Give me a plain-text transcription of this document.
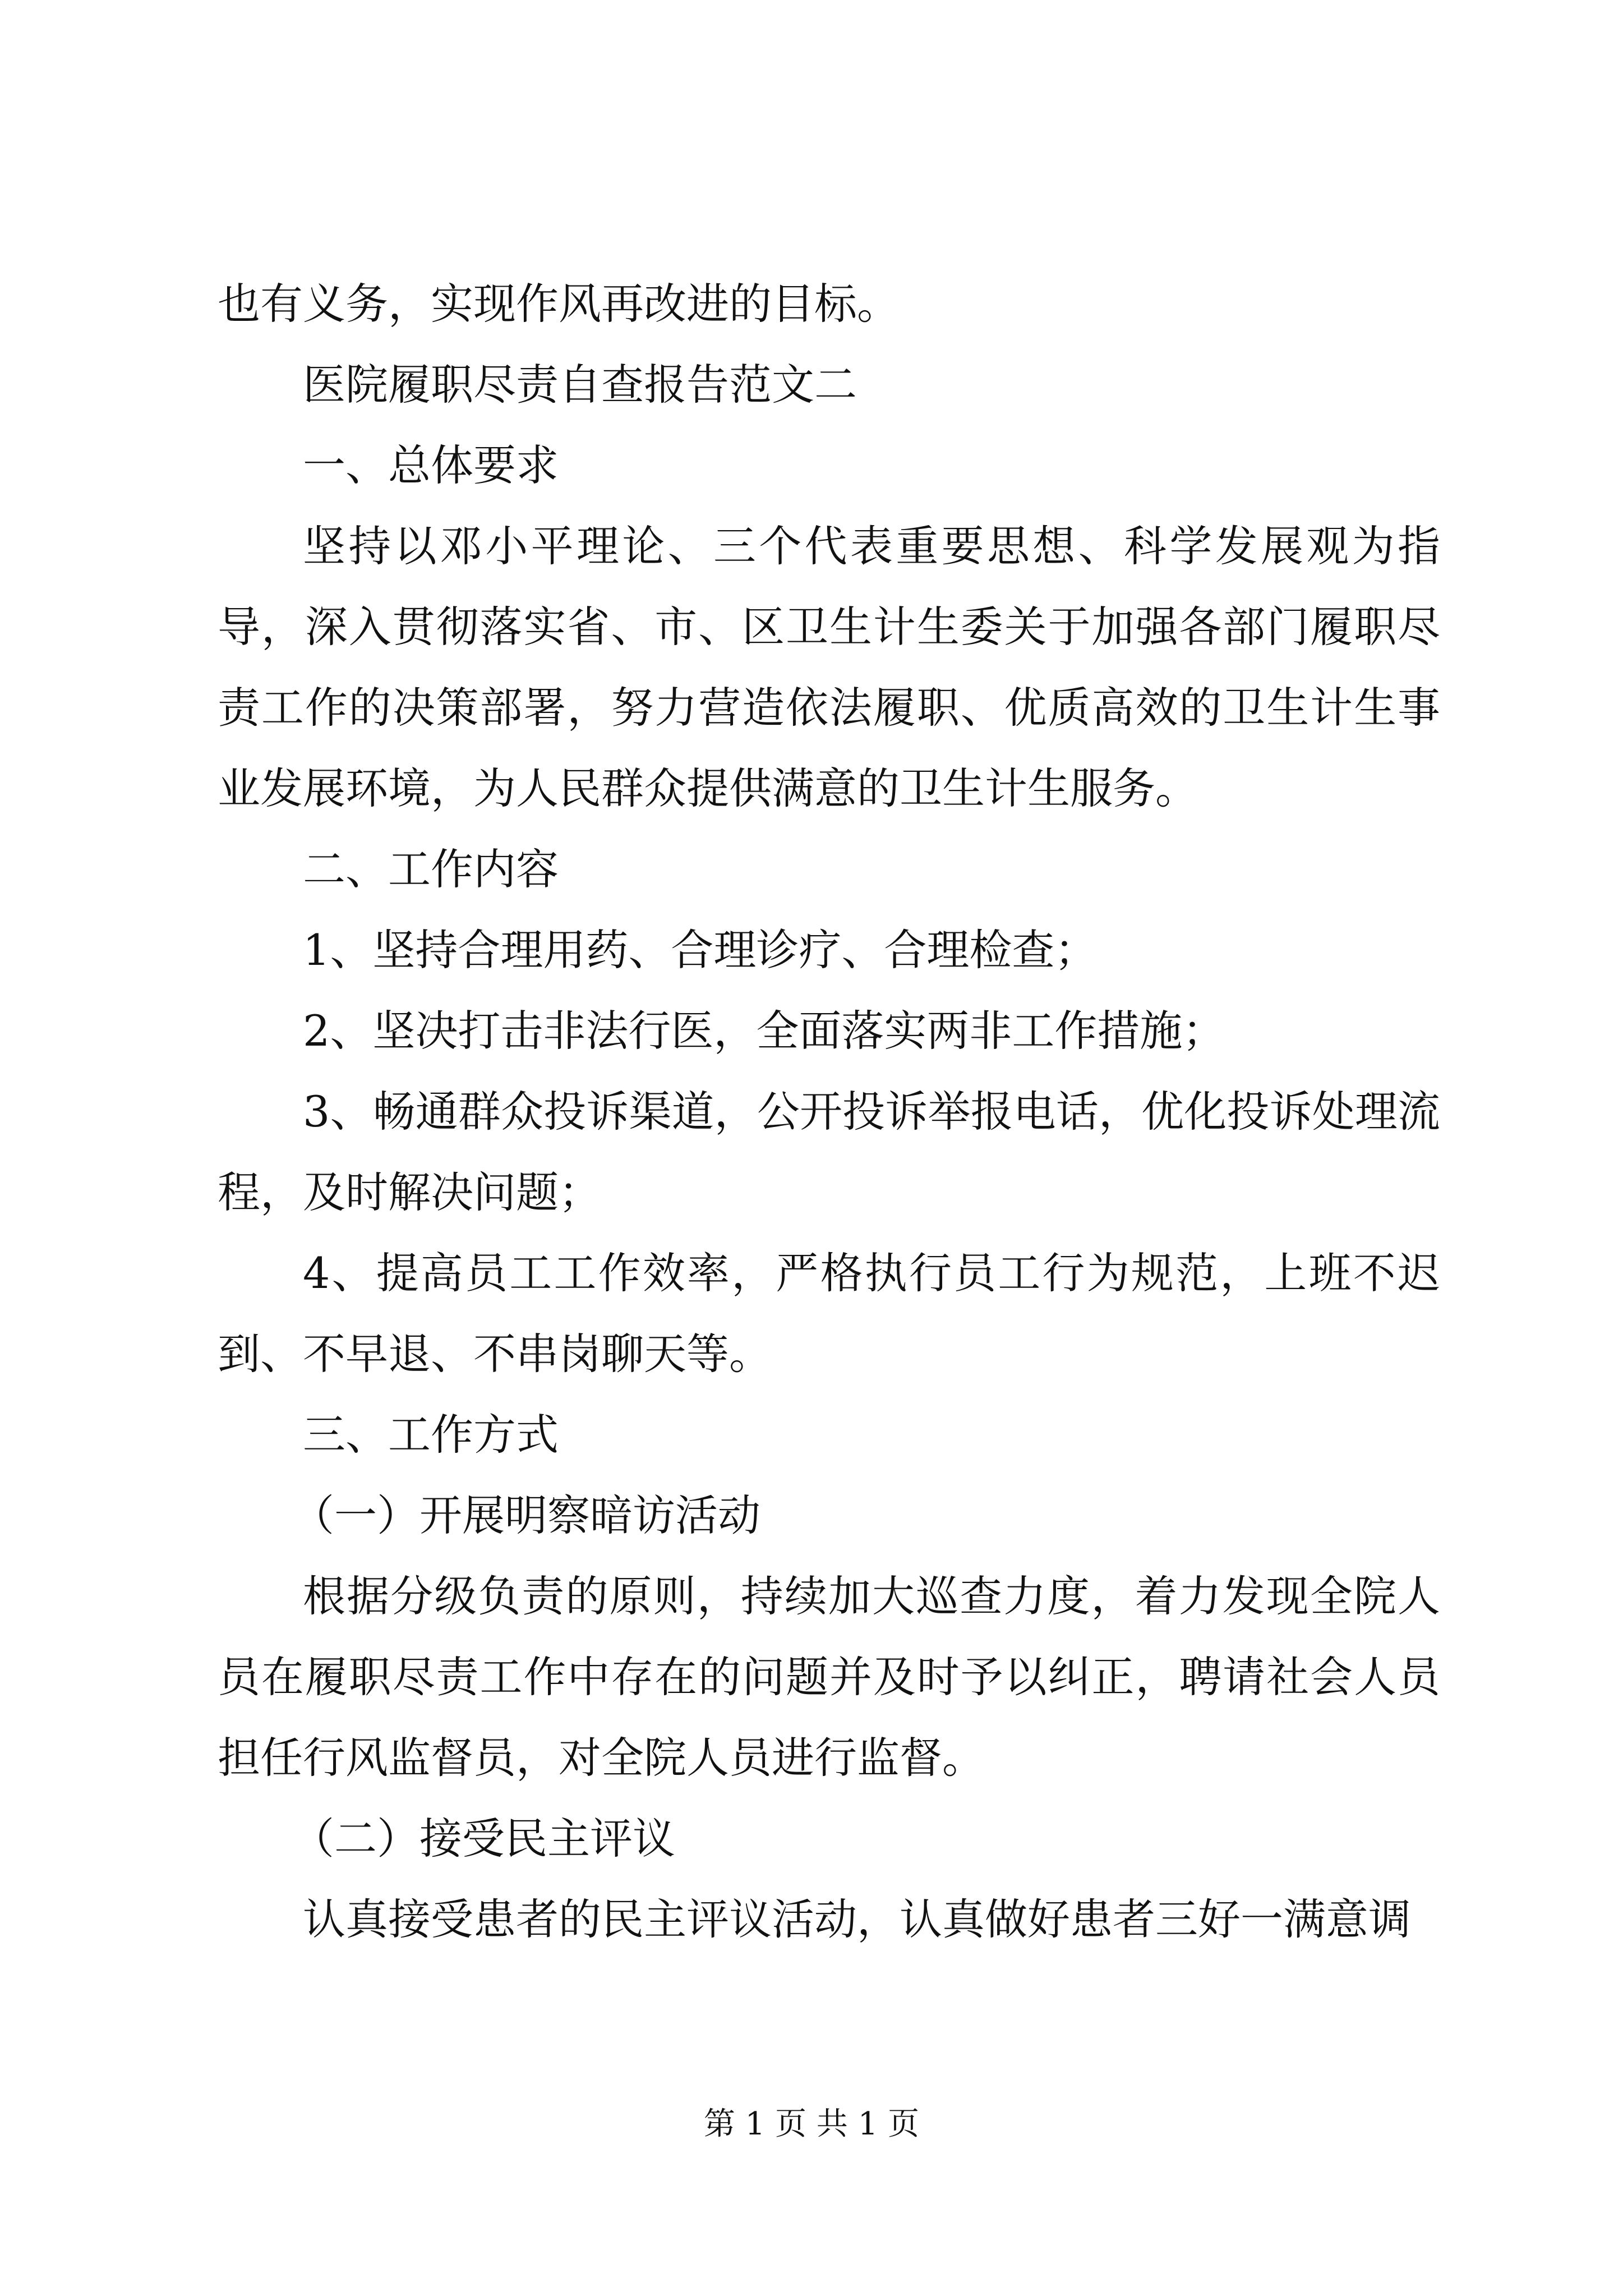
也有义务，实现作风再改进的目标。

医院履职尽责自查报告范文二

一、总体要求

坚持以邓小平理论、三个代表重要思想、科学发展观为指导，深入贯彻落实省、市、区卫生计生委关于加强各部门履职尽责工作的决策部署，努力营造依法履职、优质高效的卫生计生事业发展环境，为人民群众提供满意的卫生计生服务。

二、工作内容

1、坚持合理用药、合理诊疗、合理检查；

2、坚决打击非法行医，全面落实两非工作措施；

3、畅通群众投诉渠道，公开投诉举报电话，优化投诉处理流程，及时解决问题；

4、提高员工工作效率，严格执行员工行为规范，上班不迟到、不早退、不串岗聊天等。

三、工作方式

（一）开展明察暗访活动

根据分级负责的原则，持续加大巡查力度，着力发现全院人员在履职尽责工作中存在的问题并及时予以纠正，聘请社会人员担任行风监督员，对全院人员进行监督。

（二）接受民主评议

认真接受患者的民主评议活动，认真做好患者三好一满意调

第 1 页 共 1 页
